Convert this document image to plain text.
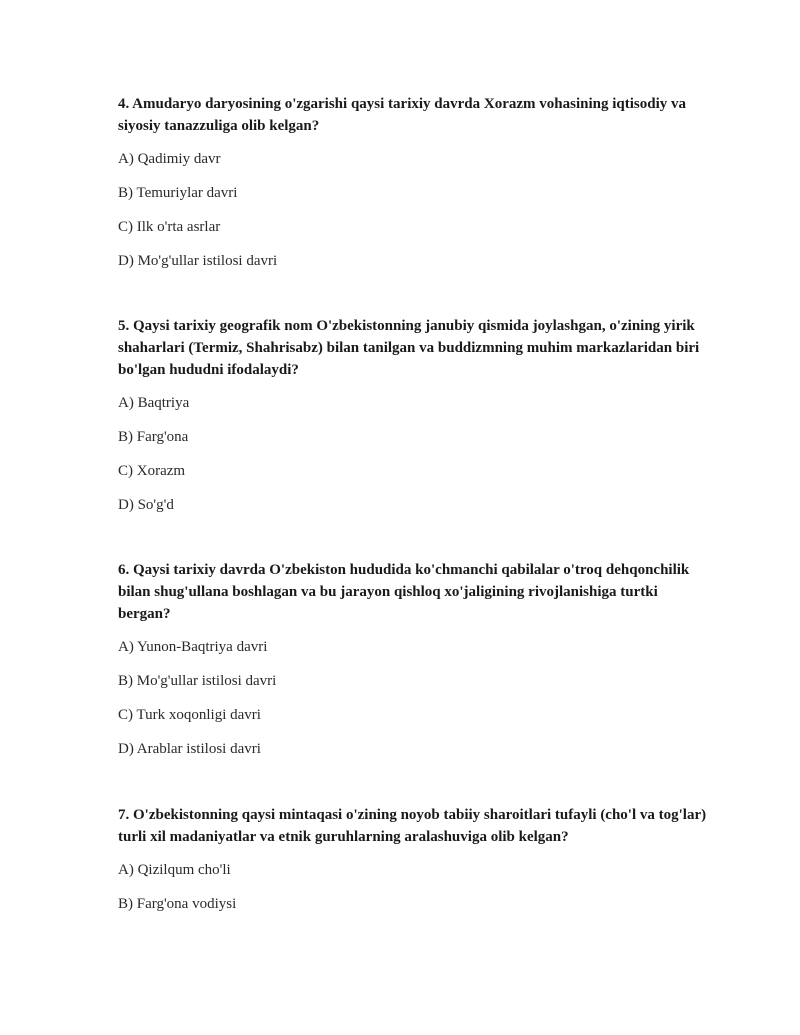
4. Amudaryo daryosining o'zgarishi qaysi tarixiy davrda Xorazm vohasining iqtisodiy va siyosiy tanazzuliga olib kelgan?

A) Qadimiy davr

B) Temuriylar davri

C) Ilk o'rta asrlar

D) Mo'g'ullar istilosi davri

5. Qaysi tarixiy geografik nom O'zbekistonning janubiy qismida joylashgan, o'zining yirik shaharlari (Termiz, Shahrisabz) bilan tanilgan va buddizmning muhim markazlaridan biri bo'lgan hududni ifodalaydi?

A) Baqtriya

B) Farg'ona

C) Xorazm

D) So'g'd

6. Qaysi tarixiy davrda O'zbekiston hududida ko'chmanchi qabilalar o'troq dehqonchilik bilan shug'ullana boshlagan va bu jarayon qishloq xo'jaligining rivojlanishiga turtki bergan?

A) Yunon-Baqtriya davri

B) Mo'g'ullar istilosi davri

C) Turk xoqonligi davri

D) Arablar istilosi davri

7. O'zbekistonning qaysi mintaqasi o'zining noyob tabiiy sharoitlari tufayli (cho'l va tog'lar) turli xil madaniyatlar va etnik guruhlarning aralashuviga olib kelgan?

A) Qizilqum cho'li

B) Farg'ona vodiysi
